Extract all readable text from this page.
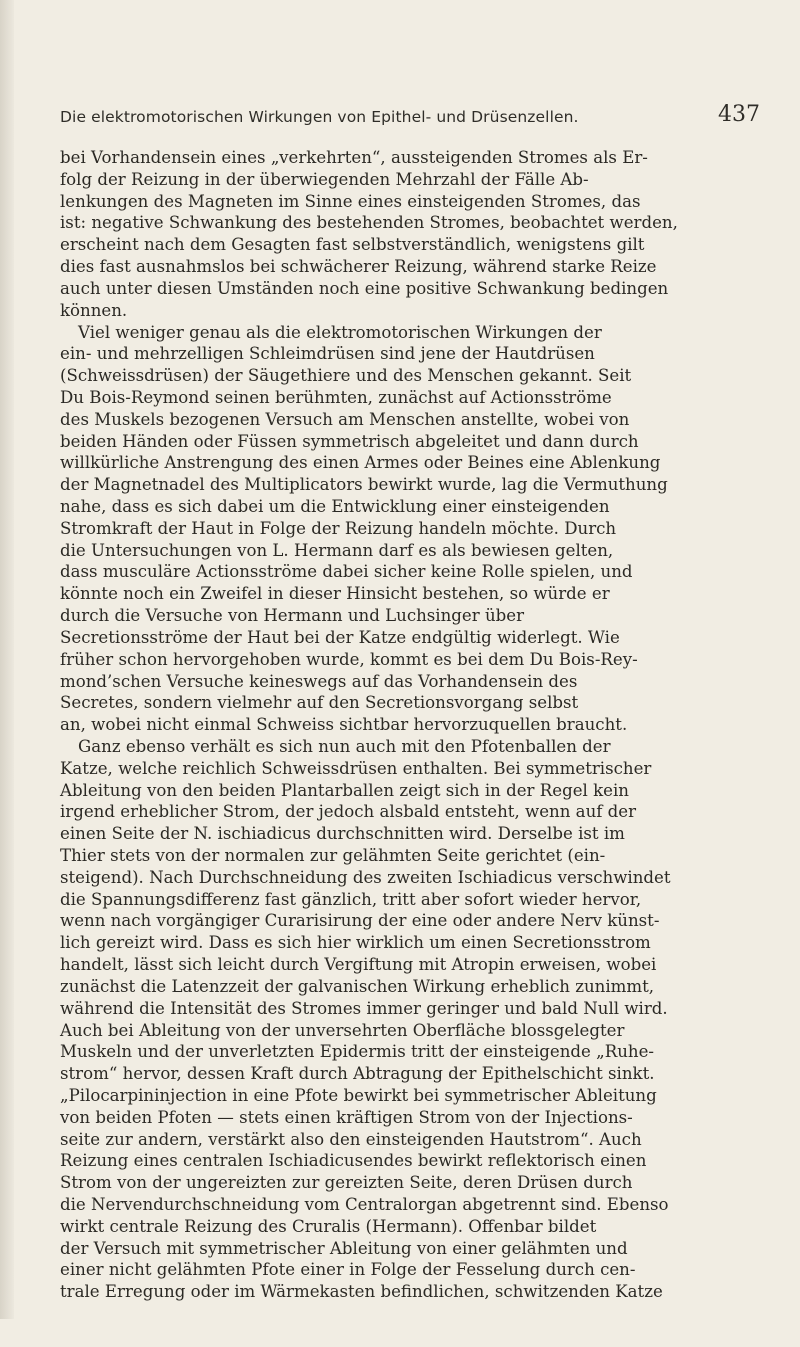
Die elektromotorischen Wirkungen von Epithel- und Drüsenzellen.	437
bei Vorhandensein eines „verkehrten“, aussteigenden Stromes als Er-
folg der Reizung in der überwiegenden Mehrzahl der Fälle Ab-
lenkungen des Magneten im Sinne eines einsteigenden Stromes, das
ist: negative Schwankung des bestehenden Stromes, beobachtet werden,
erscheint nach dem Gesagten fast selbstverständlich, wenigstens gilt
dies fast ausnahmslos bei schwächerer Reizung, während starke Reize
auch unter diesen Umständen noch eine positive Schwankung bedingen
können.
Viel weniger genau als die elektromotorischen Wirkungen der
ein- und mehrzelligen Schleimdrüsen sind jene der Hautdrüsen
(Schweissdrüsen) der Säugethiere und des Menschen gekannt. Seit
Du Bois-Reymond seinen berühmten, zunächst auf Actionsströme
des Muskels bezogenen Versuch am Menschen anstellte, wobei von
beiden Händen oder Füssen symmetrisch abgeleitet und dann durch
willkürliche Anstrengung des einen Armes oder Beines eine Ablenkung
der Magnetnadel des Multiplicators bewirkt wurde, lag die Vermuthung
nahe, dass es sich dabei um die Entwicklung einer einsteigenden
Stromkraft der Haut in Folge der Reizung handeln möchte. Durch
die Untersuchungen von L. Hermann darf es als bewiesen gelten,
dass musculäre Actionsströme dabei sicher keine Rolle spielen, und
könnte noch ein Zweifel in dieser Hinsicht bestehen, so würde er
durch die Versuche von Hermann und Luchsinger über
Secretionsströme der Haut bei der Katze endgültig widerlegt. Wie
früher schon hervorgehoben wurde, kommt es bei dem Du Bois-Rey-
mond’schen Versuche keineswegs auf das Vorhandensein des
Secretes, sondern vielmehr auf den Secretionsvorgang selbst
an, wobei nicht einmal Schweiss sichtbar hervorzuquellen braucht.
Ganz ebenso verhält es sich nun auch mit den Pfotenballen der
Katze, welche reichlich Schweissdrüsen enthalten. Bei symmetrischer
Ableitung von den beiden Plantarballen zeigt sich in der Regel kein
irgend erheblicher Strom, der jedoch alsbald entsteht, wenn auf der
einen Seite der N. ischiadicus durchschnitten wird. Derselbe ist im
Thier stets von der normalen zur gelähmten Seite gerichtet (ein-
steigend). Nach Durchschneidung des zweiten Ischiadicus verschwindet
die Spannungsdifferenz fast gänzlich, tritt aber sofort wieder hervor,
wenn nach vorgängiger Curarisirung der eine oder andere Nerv künst-
lich gereizt wird. Dass es sich hier wirklich um einen Secretionsstrom
handelt, lässt sich leicht durch Vergiftung mit Atropin erweisen, wobei
zunächst die Latenzzeit der galvanischen Wirkung erheblich zunimmt,
während die Intensität des Stromes immer geringer und bald Null wird.
Auch bei Ableitung von der unversehrten Oberfläche blossgelegter
Muskeln und der unverletzten Epidermis tritt der einsteigende „Ruhe-
strom“ hervor, dessen Kraft durch Abtragung der Epithelschicht sinkt.
„Pilocarpininjection in eine Pfote bewirkt bei symmetrischer Ableitung
von beiden Pfoten — stets einen kräftigen Strom von der Injections-
seite zur andern, verstärkt also den einsteigenden Hautstrom“. Auch
Reizung eines centralen Ischiadicusendes bewirkt reflektorisch einen
Strom von der ungereizten zur gereizten Seite, deren Drüsen durch
die Nervendurchschneidung vom Centralorgan abgetrennt sind. Ebenso
wirkt centrale Reizung des Cruralis (Hermann). Offenbar bildet
der Versuch mit symmetrischer Ableitung von einer gelähmten und
einer nicht gelähmten Pfote einer in Folge der Fesselung durch cen-
trale Erregung oder im Wärmekasten befindlichen, schwitzenden Katze
